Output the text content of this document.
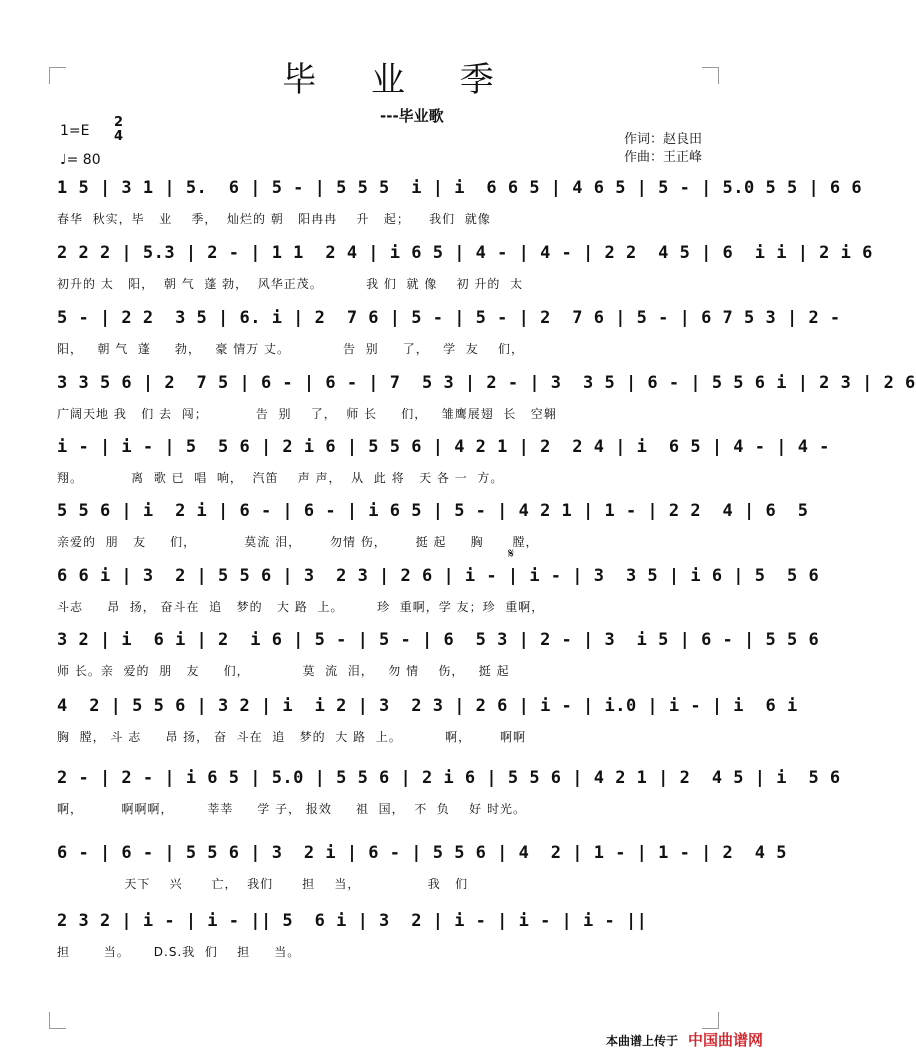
毕 业 季
---毕业歌
1=E
2
4
♩= 80
作词：赵良田
作曲：王正峰
1 5 | 3 1 | 5.  6 | 5 - | 5 5 5  i | i  6 6 5 | 4 6 5 | 5 - | 5.0 5 5 | 6 6
春华  秋实，毕   业    季，  灿烂的 朝   阳冉冉    升   起；    我们  就像
2 2 2 | 5.3 | 2 - | 1 1  2 4 | i 6 5 | 4 - | 4 - | 2 2  4 5 | 6  i i | 2 i 6
初升的 太   阳，  朝 气  蓬 勃，  风华正茂。         我 们  就 像    初 升的  太
5 - | 2 2  3 5 | 6. i | 2  7 6 | 5 - | 5 - | 2  7 6 | 5 - | 6 7 5 3 | 2 -
阳，   朝 气  蓬     勃，   豪 情万 丈。           告  别     了，   学  友    们，
3 3 5 6 | 2  7 5 | 6 - | 6 - | 7  5 3 | 2 - | 3  3 5 | 6 - | 5 5 6 i | 2 3 | 2 6
广阔天地 我   们 去  闯；          告  别    了，  师 长     们，   雏鹰展翅  长   空翱
i - | i - | 5  5 6 | 2 i 6 | 5 5 6 | 4 2 1 | 2  2 4 | i  6 5 | 4 - | 4 -
翔。          离  歌 已  唱  响，  汽笛    声 声，  从  此 将   天 各 一  方。
5 5 6 | i  2 i | 6 - | 6 - | i 6 5 | 5 - | 4 2 1 | 1 - | 2 2  4 | 6  5
亲爱的  朋   友     们，          莫流 泪，      勿情 伤，      挺 起     胸      膛，
𝄋
6 6 i | 3  2 | 5 5 6 | 3  2 3 | 2 6 | i - | i - | 3  3 5 | i 6 | 5  5 6
斗志     昂  扬， 奋斗在  追   梦的   大 路  上。       珍  重啊，学 友；珍  重啊，
3 2 | i  6 i | 2  i 6 | 5 - | 5 - | 6  5 3 | 2 - | 3  i 5 | 6 - | 5 5 6
师 长。亲  爱的  朋   友     们，           莫  流  泪，   勿 情    伤，   挺 起
4  2 | 5 5 6 | 3 2 | i  i 2 | 3  2 3 | 2 6 | i - | i.0 | i - | i  6 i
胸  膛， 斗 志     昂 扬， 奋  斗在  追   梦的  大 路  上。         啊，      啊啊
2 - | 2 - | i 6 5 | 5.0 | 5 5 6 | 2 i 6 | 5 5 6 | 4 2 1 | 2  4 5 | i  5 6
啊，        啊啊啊，       莘莘     学 子， 报效     祖  国，  不  负    好 时光。
6 - | 6 - | 5 5 6 | 3  2 i | 6 - | 5 5 6 | 4  2 | 1 - | 1 - | 2  4 5
天下    兴      亡，  我们      担    当，              我   们
2 3 2 | i - | i - || 5  6 i | 3  2 | i - | i - | i - ||
担       当。     D.S.我  们    担     当。
本曲谱上传于 中国曲谱网
